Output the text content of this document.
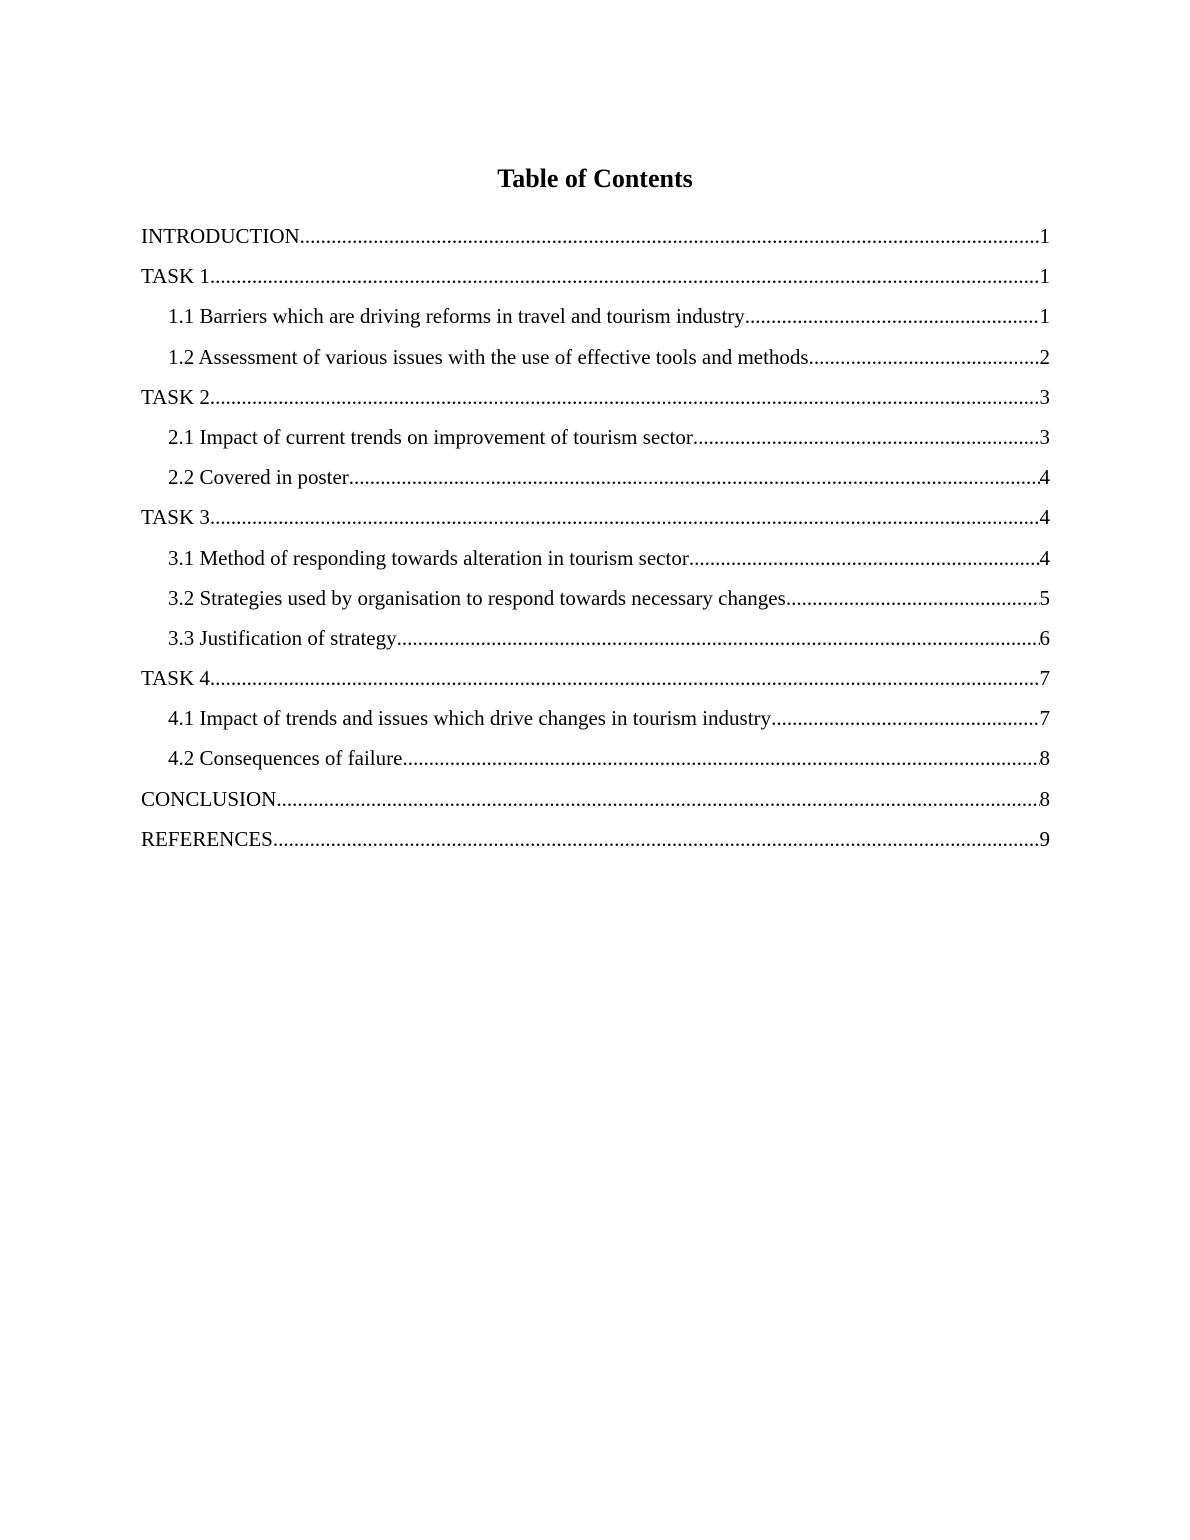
Table of Contents
INTRODUCTION .....	1
TASK 1 .....	1
1.1 Barriers which are driving reforms in travel and tourism industry .....	1
1.2 Assessment of various issues with the use of effective tools and methods .....	2
TASK 2 .....	3
2.1 Impact of current trends on improvement of tourism sector .....	3
2.2 Covered in poster .....	4
TASK 3 .....	4
3.1 Method of responding towards alteration in tourism sector .....	4
3.2 Strategies used by organisation to respond towards necessary changes .....	5
3.3 Justification of strategy .....	6
TASK 4 .....	7
4.1 Impact of trends and issues which drive changes in tourism industry .....	7
4.2 Consequences of failure .....	8
CONCLUSION .....	8
REFERENCES .....	9
